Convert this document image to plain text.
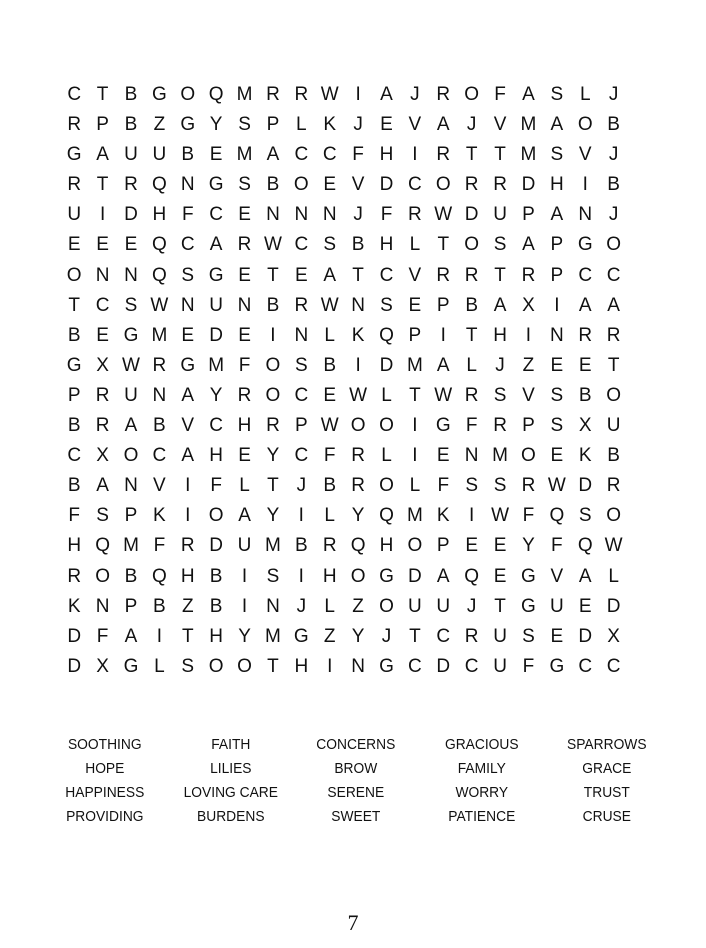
C T B G O Q M R R W I	A J R O F A S L J
R P B Z G Y S P L K J E V A J V M A O B
G A U U B E M A C C F H I R T T M S V J
R T R Q N G S B O E V D C O R R D H I	B
U I D H F C E N N N J F R W D U P A N J
E E E Q C A R W C S B H L T O S A P G O
O N N Q S G E T E A T C V R R T R P C C
T C S W N U N B R W N S E P B A X	I	A A
B E G M E D E	I N L K Q P	I	T H I N R R
G X W R G M F O S B	I D M A L J Z E E T
P R U N A Y R O C E W L T W R S V S B O
B R A B V C H R P W O O I G F R P S X U
C X O C A H E Y C F R L	I	E N M O E K B
B A N V	I	F L T J B R O L F S S R W D R
F S P K	I O A Y	I	L Y Q M K	I W F Q S O
H Q M F R D U M B R Q H O P E E Y F Q W
R O B Q H B	I	S	I H O G D A Q E G V A L
K N P B Z B	I N J L Z O U U J T G U E D
D F A	I	T H Y M G Z Y J T C R U S E D X
D X G L S O O T H I N G C D C U F G C C
SOOTHING	FAITH	CONCERNS	GRACIOUS	SPARROWS
HOPE	LILIES	BROW	FAMILY	GRACE
HAPPINESS	LOVING CARE	SERENE	WORRY	TRUST
PROVIDING	BURDENS	SWEET	PATIENCE	CRUSE
7
